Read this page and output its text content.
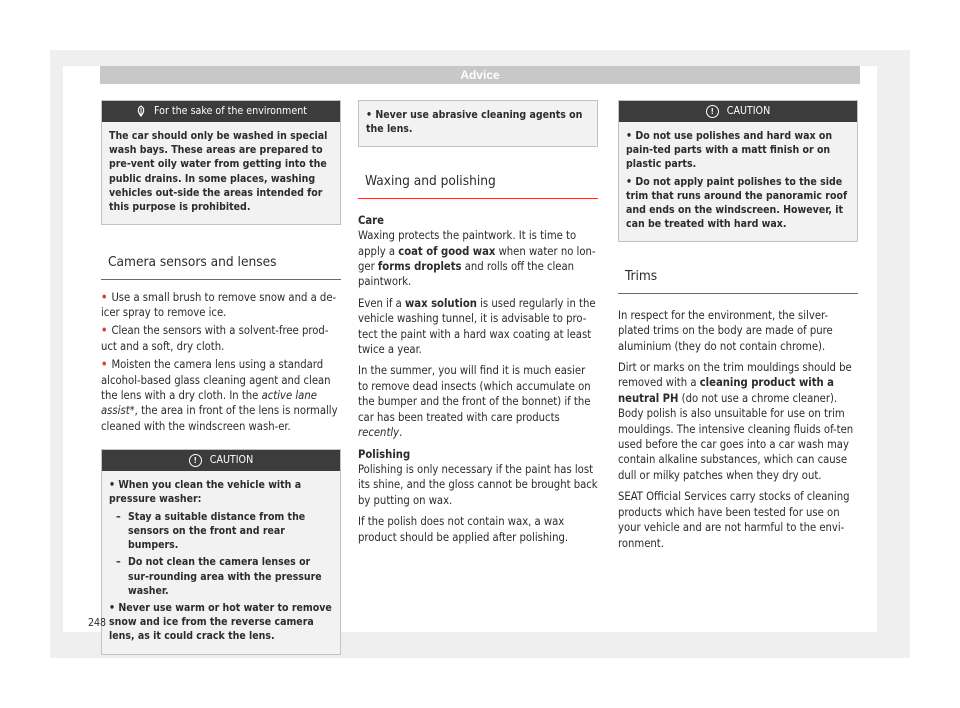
Advice
For the sake of the environment

The car should only be washed in special wash bays. These areas are prepared to pre-vent oily water from getting into the public drains. In some places, washing vehicles out-side the areas intended for this purpose is prohibited.

Camera sensors and lenses
• Use a small brush to remove snow and a de-icer spray to remove ice.
• Clean the sensors with a solvent-free prod-uct and a soft, dry cloth.
• Moisten the camera lens using a standard alcohol-based glass cleaning agent and clean the lens with a dry cloth. In the active lane assist*, the area in front of the lens is normally cleaned with the windscreen wash-er.
!	CAUTION

• When you clean the vehicle with a pressure washer:

– Stay a suitable distance from the sensors on the front and rear bumpers.

– Do not clean the camera lenses or sur-rounding area with the pressure washer.

• Never use warm or hot water to remove snow and ice from the reverse camera lens, as it could crack the lens.

• Never use abrasive cleaning agents on the lens.

Waxing and polishing

Care

Waxing protects the paintwork. It is time to apply a coat of good wax when water no lon-ger forms droplets and rolls off the clean paintwork.

Even if a wax solution is used regularly in the vehicle washing tunnel, it is advisable to pro-tect the paint with a hard wax coating at least twice a year.

In the summer, you will find it is much easier to remove dead insects (which accumulate on the bumper and the front of the bonnet) if the car has been treated with care products recently.

Polishing

Polishing is only necessary if the paint has lost its shine, and the gloss cannot be brought back by putting on wax.

If the polish does not contain wax, a wax product should be applied after polishing.

!	CAUTION

• Do not use polishes and hard wax on pain-ted parts with a matt finish or on plastic parts.

• Do not apply paint polishes to the side trim that runs around the panoramic roof and ends on the windscreen. However, it can be treated with hard wax.

Trims

In respect for the environment, the silver-plated trims on the body are made of pure aluminium (they do not contain chrome).

Dirt or marks on the trim mouldings should be removed with a cleaning product with a neutral PH (do not use a chrome cleaner). Body polish is also unsuitable for use on trim mouldings. The intensive cleaning fluids of-ten used before the car goes into a car wash may contain alkaline substances, which can cause dull or milky patches when they dry out.

SEAT Official Services carry stocks of cleaning products which have been tested for use on your vehicle and are not harmful to the envi-ronment.

248
